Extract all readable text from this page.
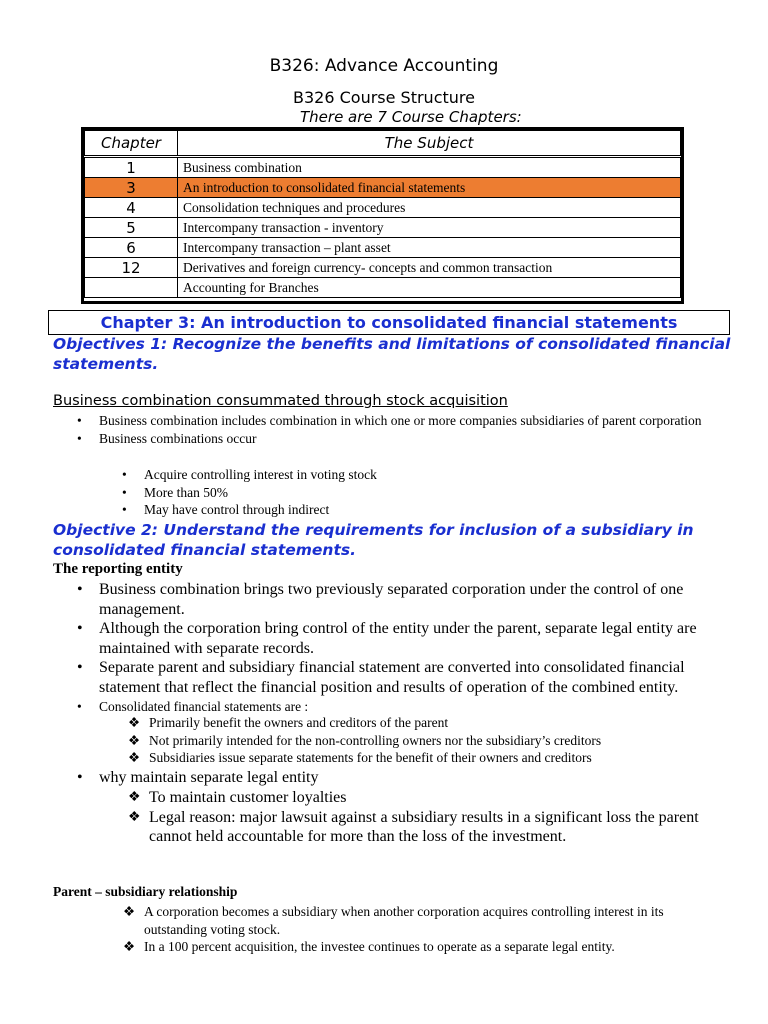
B326: Advance Accounting
B326 Course Structure
There are 7 Course Chapters:
Chapter	The Subject
1	Business combination
3	An introduction to consolidated financial statements
4	Consolidation techniques and procedures
5	Intercompany transaction - inventory
6	Intercompany transaction – plant asset
12	Derivatives and foreign currency- concepts and common transaction
	Accounting for Branches
Chapter 3: An introduction to consolidated financial statements
Objectives 1: Recognize the benefits and limitations of consolidated financial statements.
Business combination consummated through stock acquisition
• Business combination includes combination in which one or more companies subsidiaries of parent corporation
• Business combinations occur
• Acquire controlling interest in voting stock
• More than 50%
• May have control through indirect
Objective 2: Understand the requirements for inclusion of a subsidiary in consolidated financial statements.
The reporting entity
• Business combination brings two previously separated corporation under the control of one management.
• Although the corporation bring control of the entity under the parent, separate legal entity are maintained with separate records.
• Separate parent and subsidiary financial statement are converted into consolidated financial statement that reflect the financial position and results of operation of the combined entity.
• Consolidated financial statements are :
❖ Primarily benefit the owners and creditors of the parent
❖ Not primarily intended for the non-controlling owners nor the subsidiary’s creditors
❖ Subsidiaries issue separate statements for the benefit of their owners and creditors
• why maintain separate legal entity
❖ To maintain customer loyalties
❖ Legal reason: major lawsuit against a subsidiary results in a significant loss the parent cannot held accountable for more than the loss of the investment.
Parent – subsidiary relationship
❖ A corporation becomes a subsidiary when another corporation acquires controlling interest in its outstanding voting stock.
❖ In a 100 percent acquisition, the investee continues to operate as a separate legal entity.
